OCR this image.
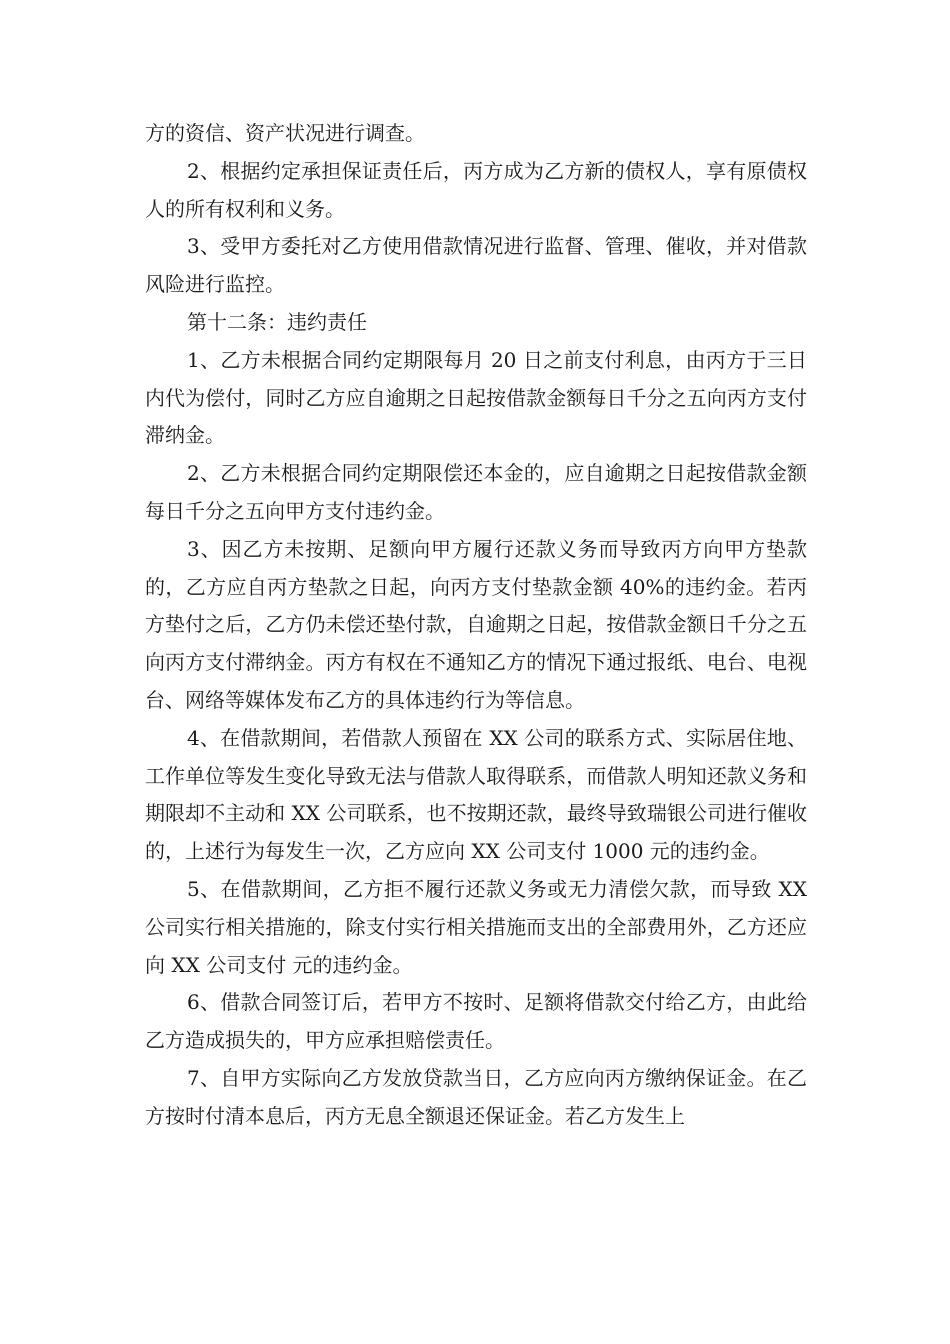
方的资信、资产状况进行调查。

2、根据约定承担保证责任后，丙方成为乙方新的债权人，享有原债权人的所有权利和义务。

3、受甲方委托对乙方使用借款情况进行监督、管理、催收，并对借款风险进行监控。

第十二条：违约责任

1、乙方未根据合同约定期限每月 20 日之前支付利息，由丙方于三日内代为偿付，同时乙方应自逾期之日起按借款金额每日千分之五向丙方支付滞纳金。

2、乙方未根据合同约定期限偿还本金的，应自逾期之日起按借款金额每日千分之五向甲方支付违约金。

3、因乙方未按期、足额向甲方履行还款义务而导致丙方向甲方垫款的，乙方应自丙方垫款之日起，向丙方支付垫款金额 40%的违约金。若丙方垫付之后，乙方仍未偿还垫付款，自逾期之日起，按借款金额日千分之五向丙方支付滞纳金。丙方有权在不通知乙方的情况下通过报纸、电台、电视台、网络等媒体发布乙方的具体违约行为等信息。

4、在借款期间，若借款人预留在 XX 公司的联系方式、实际居住地、工作单位等发生变化导致无法与借款人取得联系，而借款人明知还款义务和期限却不主动和 XX 公司联系，也不按期还款，最终导致瑞银公司进行催收的，上述行为每发生一次，乙方应向 XX 公司支付 1000 元的违约金。

5、在借款期间，乙方拒不履行还款义务或无力清偿欠款，而导致 XX 公司实行相关措施的，除支付实行相关措施而支出的全部费用外，乙方还应向 XX 公司支付 元的违约金。

6、借款合同签订后，若甲方不按时、足额将借款交付给乙方，由此给乙方造成损失的，甲方应承担赔偿责任。

7、自甲方实际向乙方发放贷款当日，乙方应向丙方缴纳保证金。在乙方按时付清本息后，丙方无息全额退还保证金。若乙方发生上
